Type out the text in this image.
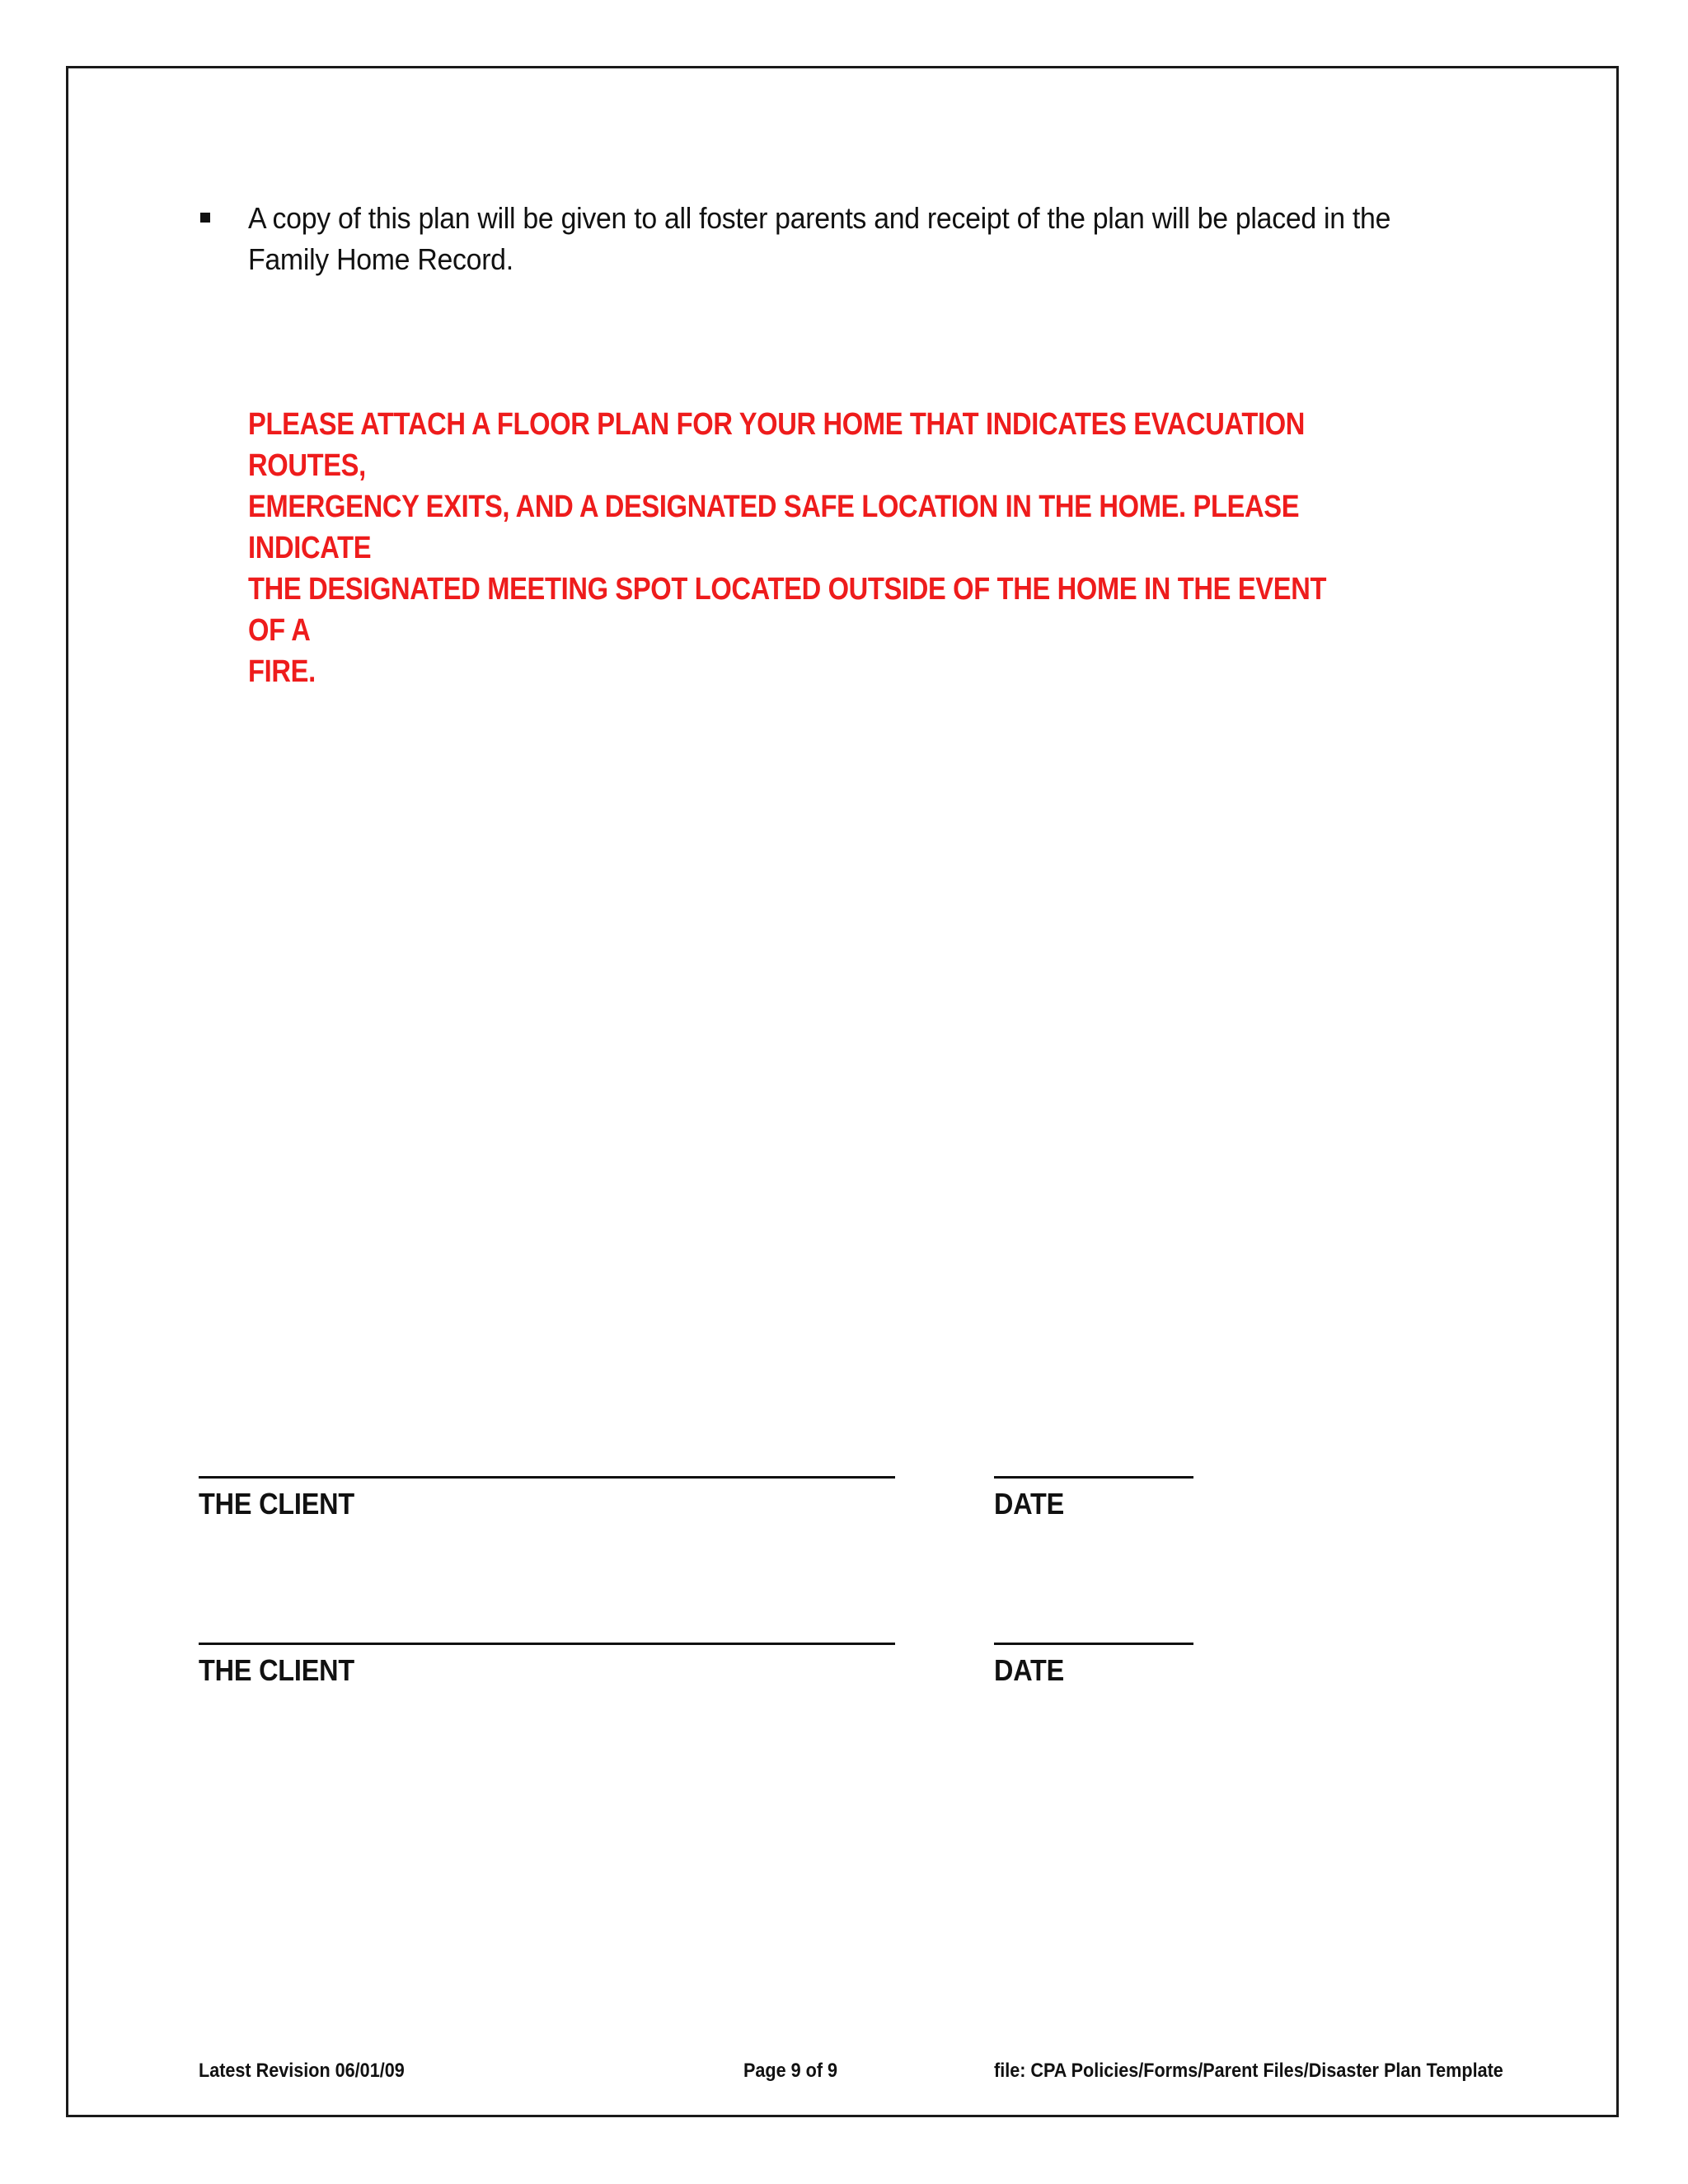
A copy of this plan will be given to all foster parents and receipt of the plan will be placed in the Family Home Record.
PLEASE ATTACH A FLOOR PLAN FOR YOUR HOME THAT INDICATES EVACUATION ROUTES,
EMERGENCY EXITS, AND A DESIGNATED SAFE LOCATION IN THE HOME. PLEASE INDICATE
THE DESIGNATED MEETING SPOT LOCATED OUTSIDE OF THE HOME IN THE EVENT OF A
FIRE.
THE CLIENT	DATE
THE CLIENT	DATE
Latest Revision 06/01/09	Page 9 of 9	file: CPA Policies/Forms/Parent Files/Disaster Plan Template
